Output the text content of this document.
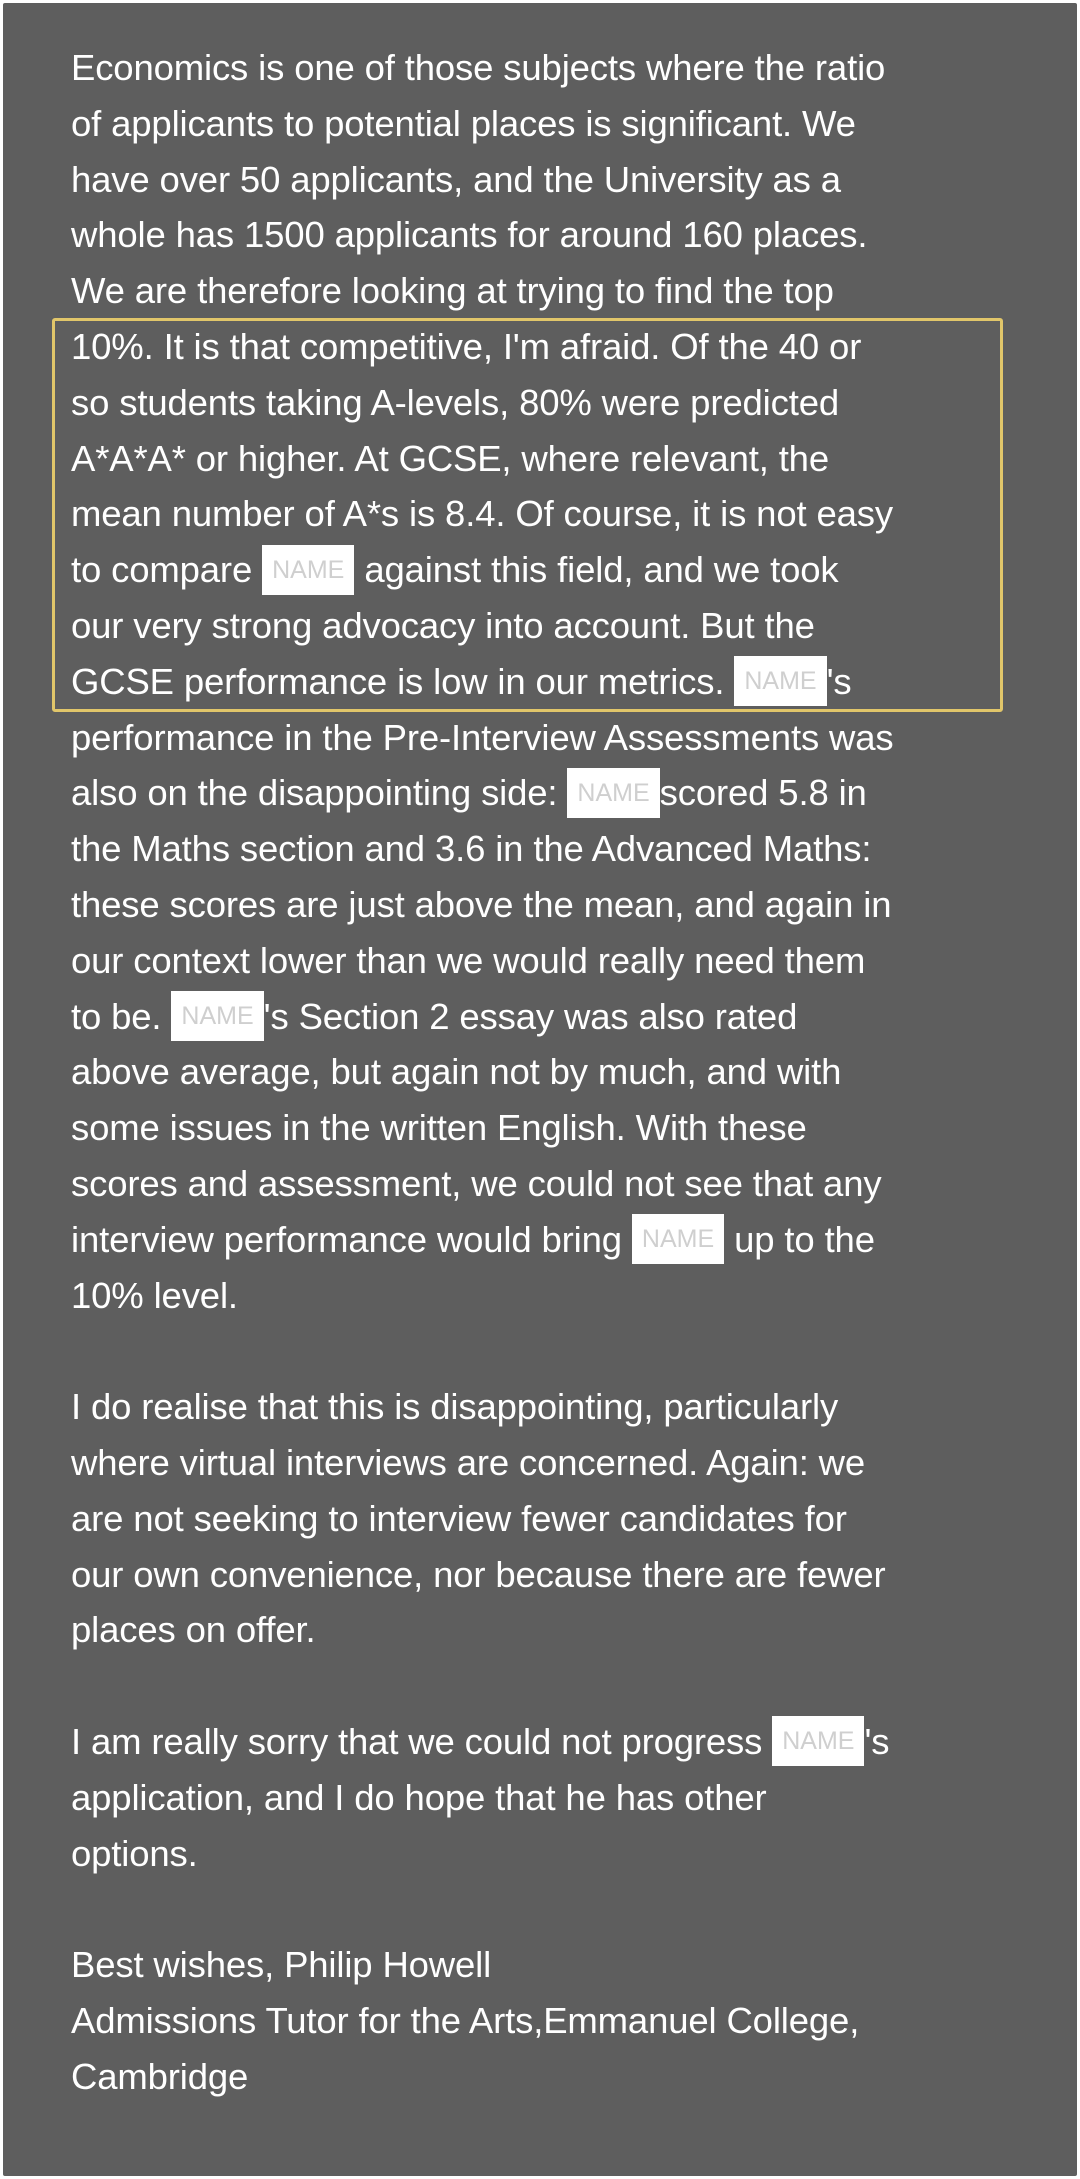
Economics is one of those subjects where the ratio
of applicants to potential places is significant. We
have over 50 applicants, and the University as a
whole has 1500 applicants for around 160 places.
We are therefore looking at trying to find the top
10%. It is that competitive, I'm afraid. Of the 40 or
so students taking A-levels, 80% were predicted
A*A*A* or higher. At GCSE, where relevant, the
mean number of A*s is 8.4. Of course, it is not easy
to compare NAME against this field, and we took
our very strong advocacy into account. But the
GCSE performance is low in our metrics. NAME 's
performance in the Pre-Interview Assessments was
also on the disappointing side: NAME scored 5.8 in
the Maths section and 3.6 in the Advanced Maths:
these scores are just above the mean, and again in
our context lower than we would really need them
to be. NAME 's Section 2 essay was also rated
above average, but again not by much, and with
some issues in the written English. With these
scores and assessment, we could not see that any
interview performance would bring NAME up to the
10% level.
I do realise that this is disappointing, particularly
where virtual interviews are concerned. Again: we
are not seeking to interview fewer candidates for
our own convenience, nor because there are fewer
places on offer.
I am really sorry that we could not progress NAME 's
application, and I do hope that he has other
options.
Best wishes, Philip Howell
Admissions Tutor for the Arts,Emmanuel College,
Cambridge
